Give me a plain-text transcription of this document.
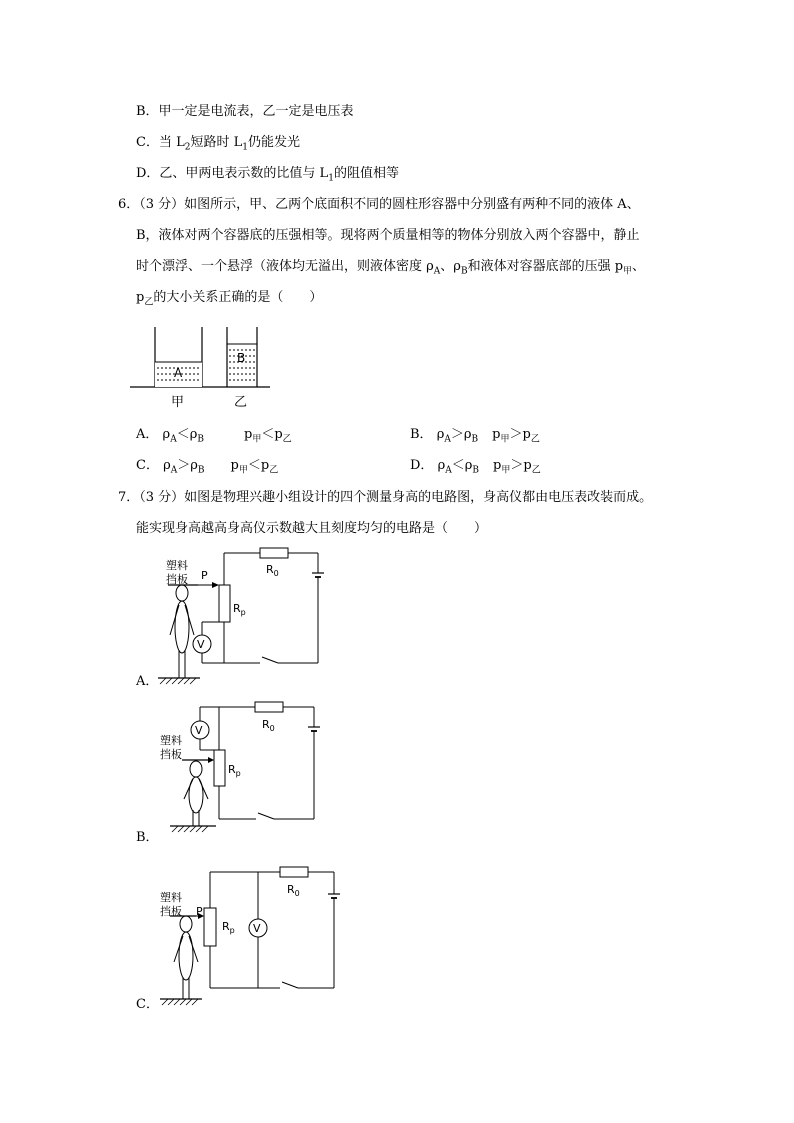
B．甲一定是电流表，乙一定是电压表
C．当 $L_2$短路时 $L_1$仍能发光
D．乙、甲两电表示数的比值与 $L_1$的阻值相等
6．（3 分）如图所示，甲、乙两个底面积不同的圆柱形容器中分别盛有两种不同的液体 A、
B，液体对两个容器底的压强相等。现将两个质量相等的物体分别放入两个容器中，静止
时个漂浮、一个悬浮（液体均无溢出，则液体密度 $\rho_A$、$\rho_B$和液体对容器底部的压强 $p_甲$、
$p_乙$的大小关系正确的是（　　）
A
B
甲	乙
A． $\rho_A<\rho_B$	$p_甲<p_乙$	B． $\rho_A>\rho_B$ $p_甲>p_乙$
C． $\rho_A>\rho_B$ $p_甲<p_乙$	D． $\rho_A<\rho_B$ $p_甲>p_乙$
7．（3 分）如图是物理兴趣小组设计的四个测量身高的电路图，身高仪都由电压表改装而成。
能实现身高越高身高仪示数越大且刻度均匀的电路是（　　）
塑料
挡板 P
$R_p$
$R_0$
V
A．
塑料
挡板
$R_p$
V	$R_0$
B．
塑料
挡板 P
$R_p$ V
$R_0$
C．
